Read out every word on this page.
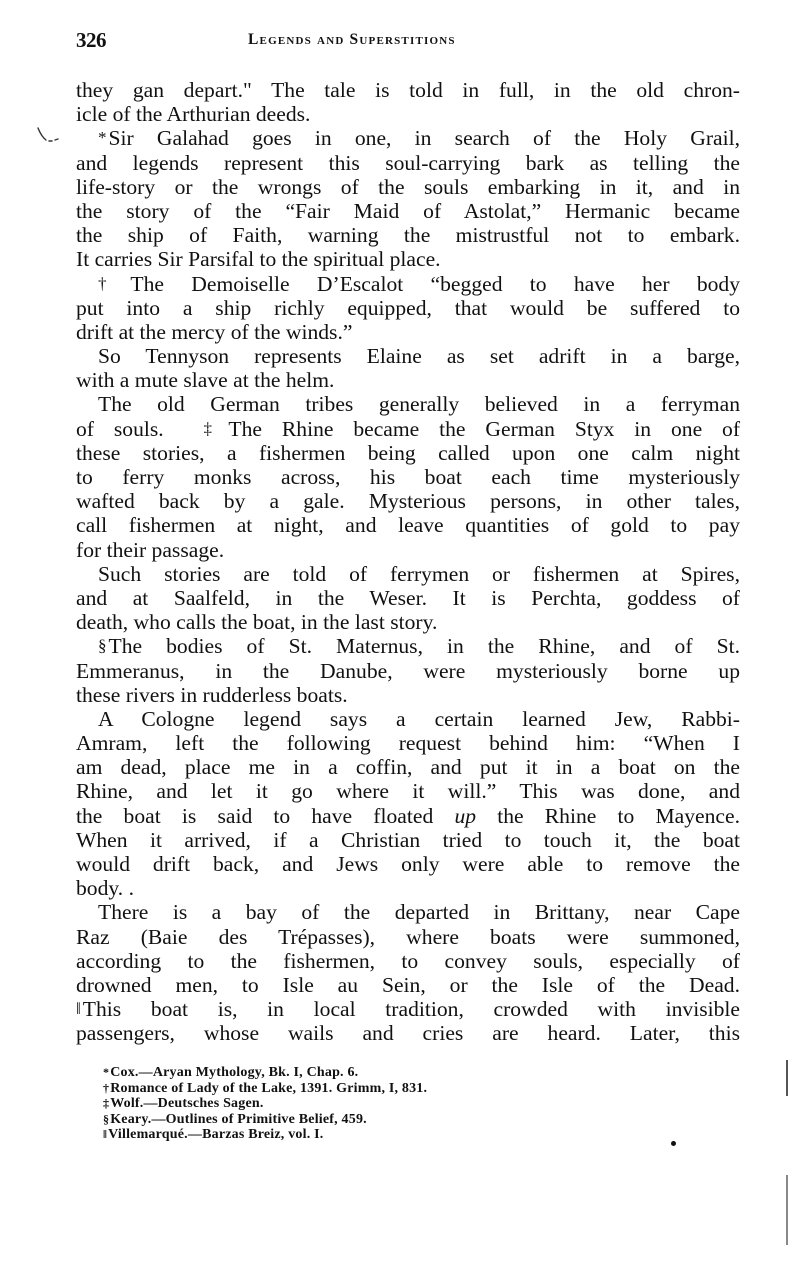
326	Legends and Superstitions
they gan depart." The tale is told in full, in the old chron-
icle of the Arthurian deeds.
*Sir Galahad goes in one, in search of the Holy Grail,
and legends represent this soul-carrying bark as telling the
life-story or the wrongs of the souls embarking in it, and in
the story of the “Fair Maid of Astolat,” Hermanic became
the ship of Faith, warning the mistrustful not to embark.
It carries Sir Parsifal to the spiritual place.
†The Demoiselle D’Escalot “begged to have her body
put into a ship richly equipped, that would be suffered to
drift at the mercy of the winds.”
So Tennyson represents Elaine as set adrift in a barge,
with a mute slave at the helm.
The old German tribes generally believed in a ferryman
of souls. ‡The Rhine became the German Styx in one of
these stories, a fishermen being called upon one calm night
to ferry monks across, his boat each time mysteriously
wafted back by a gale. Mysterious persons, in other tales,
call fishermen at night, and leave quantities of gold to pay
for their passage.
Such stories are told of ferrymen or fishermen at Spires,
and at Saalfeld, in the Weser. It is Perchta, goddess of
death, who calls the boat, in the last story.
§The bodies of St. Maternus, in the Rhine, and of St.
Emmeranus, in the Danube, were mysteriously borne up
these rivers in rudderless boats.
A Cologne legend says a certain learned Jew, Rabbi-
Amram, left the following request behind him: “When I
am dead, place me in a coffin, and put it in a boat on the
Rhine, and let it go where it will.” This was done, and
the boat is said to have floated up the Rhine to Mayence.
When it arrived, if a Christian tried to touch it, the boat
would drift back, and Jews only were able to remove the
body. .
There is a bay of the departed in Brittany, near Cape
Raz (Baie des Trépasses), where boats were summoned,
according to the fishermen, to convey souls, especially of
drowned men, to Isle au Sein, or the Isle of the Dead.
‖This boat is, in local tradition, crowded with invisible
passengers, whose wails and cries are heard. Later, this
*Cox.—Aryan Mythology, Bk. I, Chap. 6.
†Romance of Lady of the Lake, 1391. Grimm, I, 831.
‡Wolf.—Deutsches Sagen.
§Keary.—Outlines of Primitive Belief, 459.
‖Villemarqué.—Barzas Breiz, vol. I.
